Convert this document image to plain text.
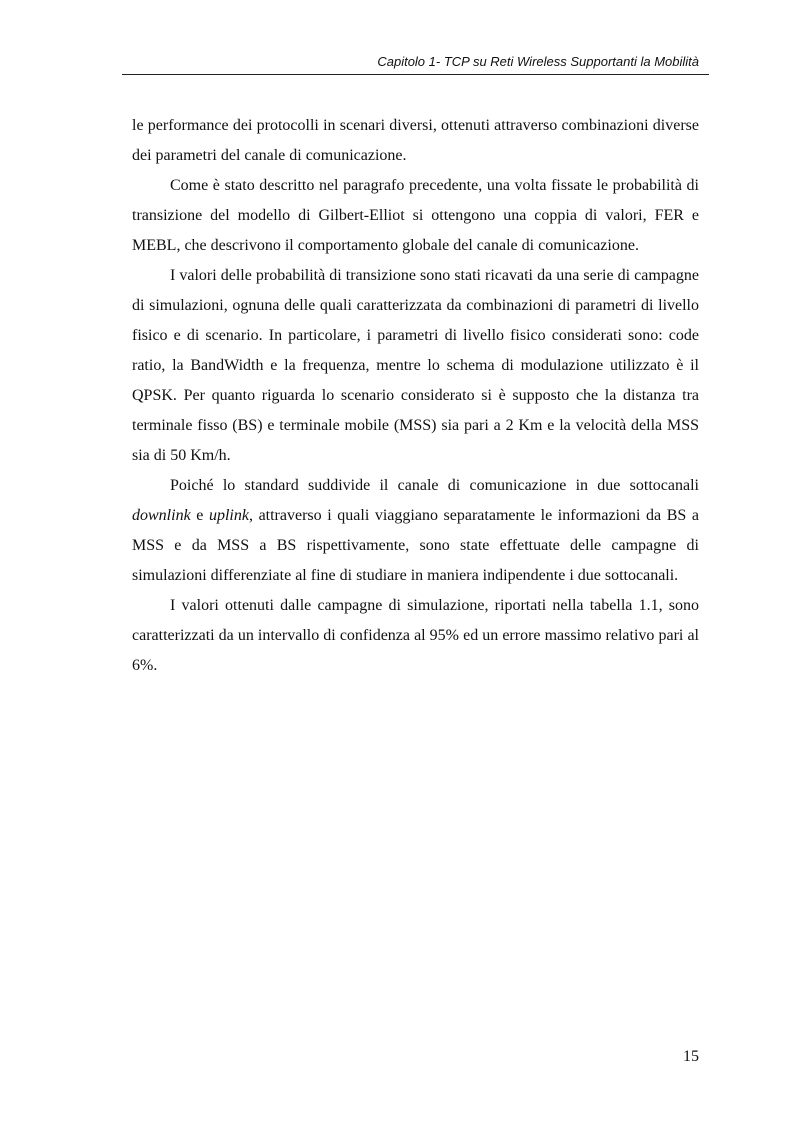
Capitolo 1- TCP su Reti Wireless Supportanti la Mobilità

le performance dei protocolli in scenari diversi, ottenuti attraverso combinazioni diverse dei parametri del canale di comunicazione.

Come è stato descritto nel paragrafo precedente, una volta fissate le probabilità di transizione del modello di Gilbert-Elliot si ottengono una coppia di valori, FER e MEBL, che descrivono il comportamento globale del canale di comunicazione.

I valori delle probabilità di transizione sono stati ricavati da una serie di campagne di simulazioni, ognuna delle quali caratterizzata da combinazioni di parametri di livello fisico e di scenario. In particolare, i parametri di livello fisico considerati sono: code ratio, la BandWidth e la frequenza, mentre lo schema di modulazione utilizzato è il QPSK. Per quanto riguarda lo scenario considerato si è supposto che la distanza tra terminale fisso (BS) e terminale mobile (MSS) sia pari a 2 Km e la velocità della MSS sia di 50 Km/h.

Poiché lo standard suddivide il canale di comunicazione in due sottocanali downlink e uplink, attraverso i quali viaggiano separatamente le informazioni da BS a MSS e da MSS a BS rispettivamente, sono state effettuate delle campagne di simulazioni differenziate al fine di studiare in maniera indipendente i due sottocanali.

I valori ottenuti dalle campagne di simulazione, riportati nella tabella 1.1, sono caratterizzati da un intervallo di confidenza al 95% ed un errore massimo relativo pari al 6%.

15
